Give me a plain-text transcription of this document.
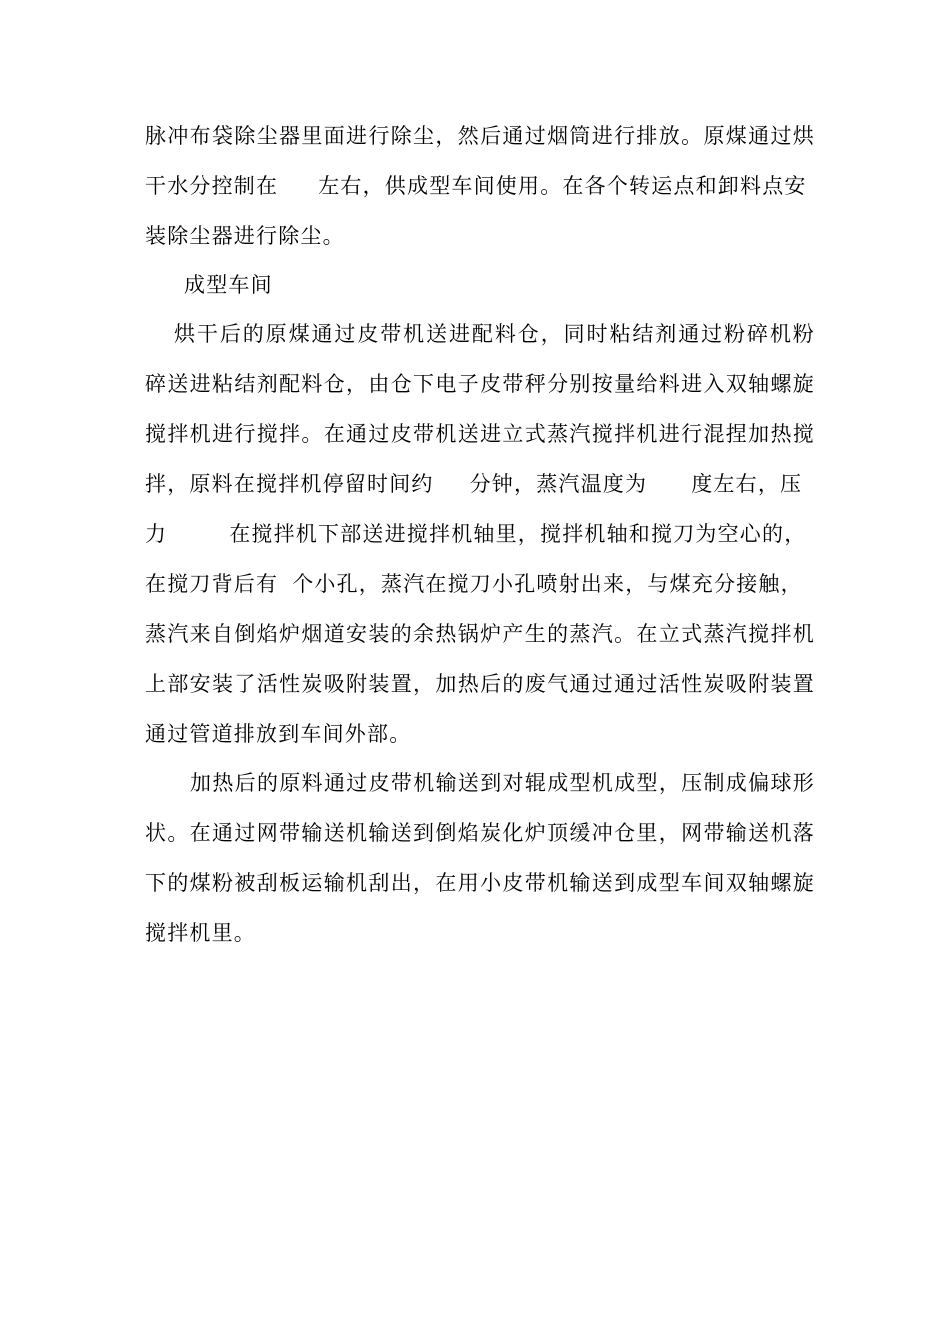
脉冲布袋除尘器里面进行除尘，然后通过烟筒进行排放。原煤通过烘
干水分控制在 左右，供成型车间使用。在各个转运点和卸料点安
装除尘器进行除尘。
成型车间
烘干后的原煤通过皮带机送进配料仓，同时粘结剂通过粉碎机粉
碎送进粘结剂配料仓，由仓下电子皮带秤分别按量给料进入双轴螺旋
搅拌机进行搅拌。在通过皮带机送进立式蒸汽搅拌机进行混捏加热搅
拌，原料在搅拌机停留时间约 分钟，蒸汽温度为 度左右，压
力	在搅拌机下部送进搅拌机轴里，搅拌机轴和搅刀为空心的，
在搅刀背后有 个小孔，蒸汽在搅刀小孔喷射出来，与煤充分接触，
蒸汽来自倒焰炉烟道安装的余热锅炉产生的蒸汽。在立式蒸汽搅拌机
上部安装了活性炭吸附装置，加热后的废气通过通过活性炭吸附装置
通过管道排放到车间外部。
加热后的原料通过皮带机输送到对辊成型机成型，压制成偏球形
状。在通过网带输送机输送到倒焰炭化炉顶缓冲仓里，网带输送机落
下的煤粉被刮板运输机刮出，在用小皮带机输送到成型车间双轴螺旋
搅拌机里。
